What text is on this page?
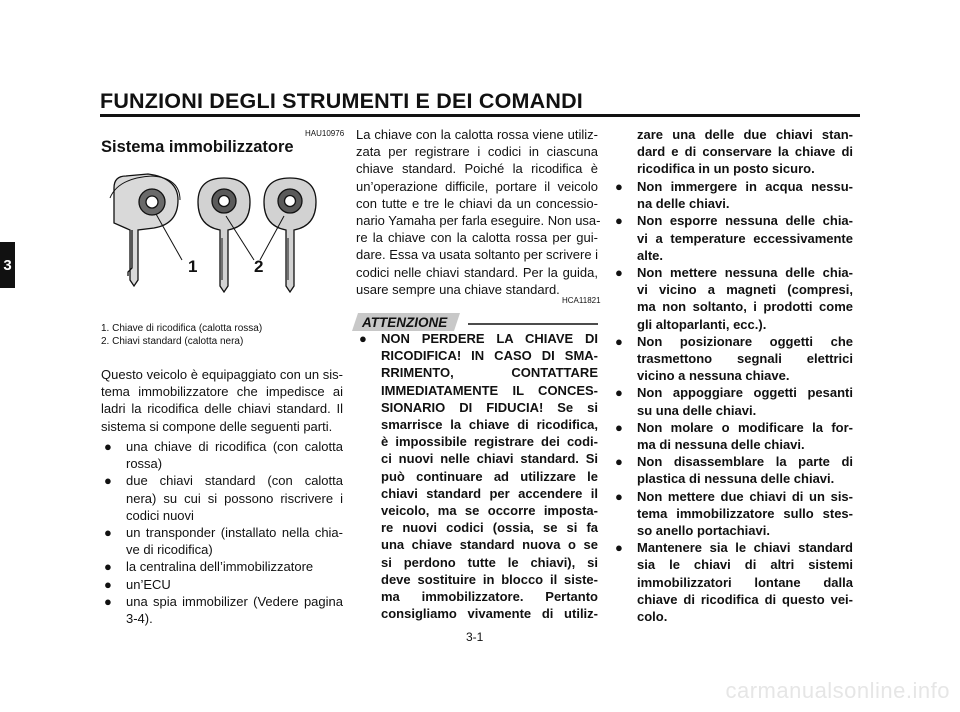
FUNZIONI DEGLI STRUMENTI E DEI COMANDI
3
HAU10976
Sistema immobilizzatore
1	2
1. Chiave di ricodifica (calotta rossa)
2. Chiavi standard (calotta nera)
Questo veicolo è equipaggiato con un sis-
tema immobilizzatore che impedisce ai
ladri la ricodifica delle chiavi standard. Il
sistema si compone delle seguenti parti.
● una chiave di ricodifica (con calotta
rossa)
● due chiavi standard (con calotta
nera) su cui si possono riscrivere i
codici nuovi
● un transponder (installato nella chia-
ve di ricodifica)
● la centralina dell’immobilizzatore
● un’ECU
● una spia immobilizer (Vedere pagina
3-4).
La chiave con la calotta rossa viene utiliz-
zata per registrare i codici in ciascuna
chiave standard. Poiché la ricodifica è
un’operazione difficile, portare il veicolo
con tutte e tre le chiavi da un concessio-
nario Yamaha per farla eseguire. Non usa-
re la chiave con la calotta rossa per gui-
dare. Essa va usata soltanto per scrivere i
codici nelle chiavi standard. Per la guida,
usare sempre una chiave standard.
HCA11821
ATTENZIONE
● NON PERDERE LA CHIAVE DI
RICODIFICA! IN CASO DI SMA-
RRIMENTO, CONTATTARE
IMMEDIATAMENTE IL CONCES-
SIONARIO DI FIDUCIA! Se si
smarrisce la chiave di ricodifica,
è impossibile registrare dei codi-
ci nuovi nelle chiavi standard. Si
può continuare ad utilizzare le
chiavi standard per accendere il
veicolo, ma se occorre imposta-
re nuovi codici (ossia, se si fa
una chiave standard nuova o se
si perdono tutte le chiavi), si
deve sostituire in blocco il siste-
ma immobilizzatore. Pertanto
consigliamo vivamente di utiliz-
zare una delle due chiavi stan-
dard e di conservare la chiave di
ricodifica in un posto sicuro.
● Non immergere in acqua nessu-
na delle chiavi.
● Non esporre nessuna delle chia-
vi a temperature eccessivamente
alte.
● Non mettere nessuna delle chia-
vi vicino a magneti (compresi,
ma non soltanto, i prodotti come
gli altoparlanti, ecc.).
● Non posizionare oggetti che
trasmettono segnali elettrici
vicino a nessuna chiave.
● Non appoggiare oggetti pesanti
su una delle chiavi.
● Non molare o modificare la for-
ma di nessuna delle chiavi.
● Non disassemblare la parte di
plastica di nessuna delle chiavi.
● Non mettere due chiavi di un sis-
tema immobilizzatore sullo stes-
so anello portachiavi.
● Mantenere sia le chiavi standard
sia le chiavi di altri sistemi
immobilizzatori lontane dalla
chiave di ricodifica di questo vei-
colo.
3-1
carmanualsonline.info
